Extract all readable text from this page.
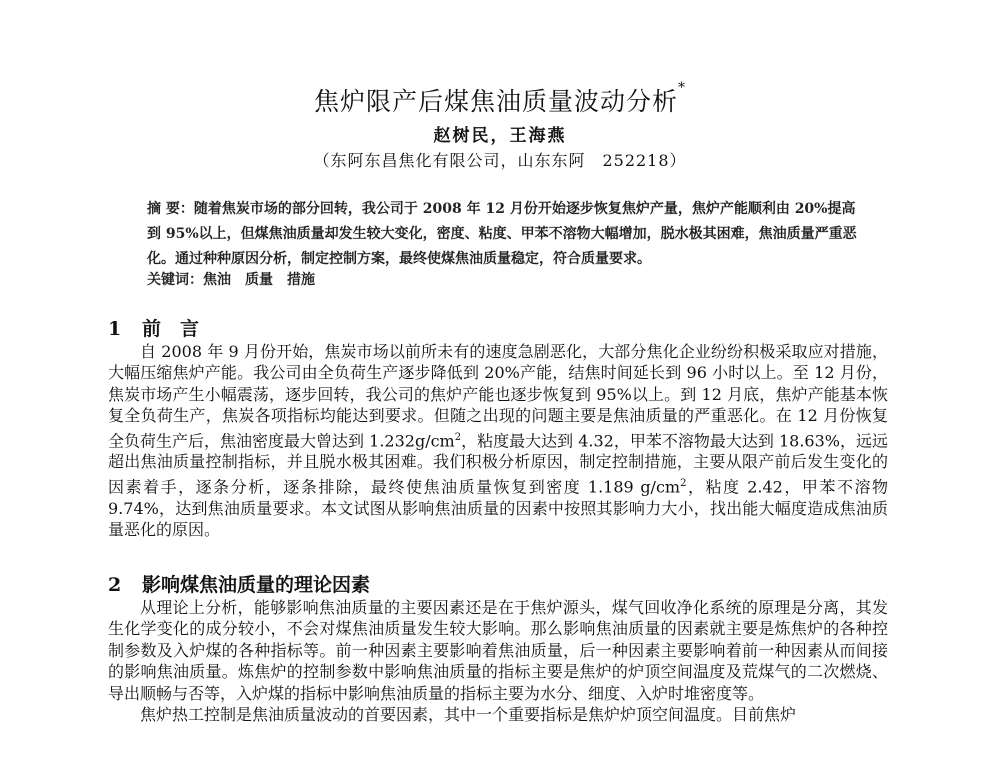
焦炉限产后煤焦油质量波动分析*
赵树民，王海燕
（东阿东昌焦化有限公司，山东东阿　252218）
摘 要：随着焦炭市场的部分回转，我公司于 2008 年 12 月份开始逐步恢复焦炉产量，焦炉产能顺利由 20%提高到 95%以上，但煤焦油质量却发生较大变化，密度、粘度、甲苯不溶物大幅增加，脱水极其困难，焦油质量严重恶化。通过种种原因分析，制定控制方案，最终使煤焦油质量稳定，符合质量要求。
关键词：焦油　质量　措施
1 前　言

自 2008 年 9 月份开始，焦炭市场以前所未有的速度急剧恶化，大部分焦化企业纷纷积极采取应对措施，大幅压缩焦炉产能。我公司由全负荷生产逐步降低到 20%产能，结焦时间延长到 96 小时以上。至 12 月份，焦炭市场产生小幅震荡，逐步回转，我公司的焦炉产能也逐步恢复到 95%以上。到 12 月底，焦炉产能基本恢复全负荷生产，焦炭各项指标均能达到要求。但随之出现的问题主要是焦油质量的严重恶化。在 12 月份恢复全负荷生产后，焦油密度最大曾达到 $1.232g/cm^2$，粘度最大达到 4.32，甲苯不溶物最大达到 18.63%，远远超出焦油质量控制指标，并且脱水极其困难。我们积极分析原因，制定控制措施，主要从限产前后发生变化的因素着手，逐条分析，逐条排除，最终使焦油质量恢复到密度 1.189 $g/cm^2$，粘度 2.42，甲苯不溶物 9.74%，达到焦油质量要求。本文试图从影响焦油质量的因素中按照其影响力大小，找出能大幅度造成焦油质量恶化的原因。

2 影响煤焦油质量的理论因素

从理论上分析，能够影响焦油质量的主要因素还是在于焦炉源头，煤气回收净化系统的原理是分离，其发生化学变化的成分较小，不会对煤焦油质量发生较大影响。那么影响焦油质量的因素就主要是炼焦炉的各种控制参数及入炉煤的各种指标等。前一种因素主要影响着焦油质量，后一种因素主要影响着前一种因素从而间接的影响焦油质量。炼焦炉的控制参数中影响焦油质量的指标主要是焦炉的炉顶空间温度及荒煤气的二次燃烧、导出顺畅与否等，入炉煤的指标中影响焦油质量的指标主要为水分、细度、入炉时堆密度等。

焦炉热工控制是焦油质量波动的首要因素，其中一个重要指标是焦炉炉顶空间温度。目前焦炉
